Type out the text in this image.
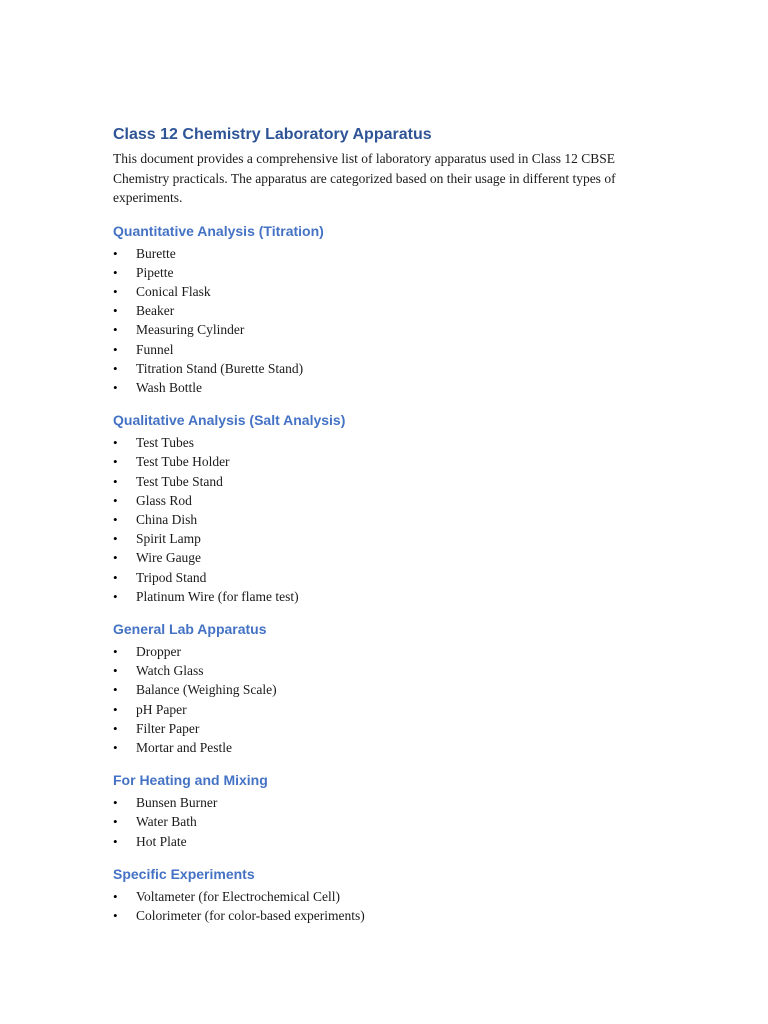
Class 12 Chemistry Laboratory Apparatus

This document provides a comprehensive list of laboratory apparatus used in Class 12 CBSE Chemistry practicals. The apparatus are categorized based on their usage in different types of experiments.

Quantitative Analysis (Titration)
• Burette
• Pipette
• Conical Flask
• Beaker
• Measuring Cylinder
• Funnel
• Titration Stand (Burette Stand)
• Wash Bottle
Qualitative Analysis (Salt Analysis)
• Test Tubes
• Test Tube Holder
• Test Tube Stand
• Glass Rod
• China Dish
• Spirit Lamp
• Wire Gauge
• Tripod Stand
• Platinum Wire (for flame test)
General Lab Apparatus
• Dropper
• Watch Glass
• Balance (Weighing Scale)
• pH Paper
• Filter Paper
• Mortar and Pestle
For Heating and Mixing
• Bunsen Burner
• Water Bath
• Hot Plate
Specific Experiments
• Voltameter (for Electrochemical Cell)
• Colorimeter (for color-based experiments)
